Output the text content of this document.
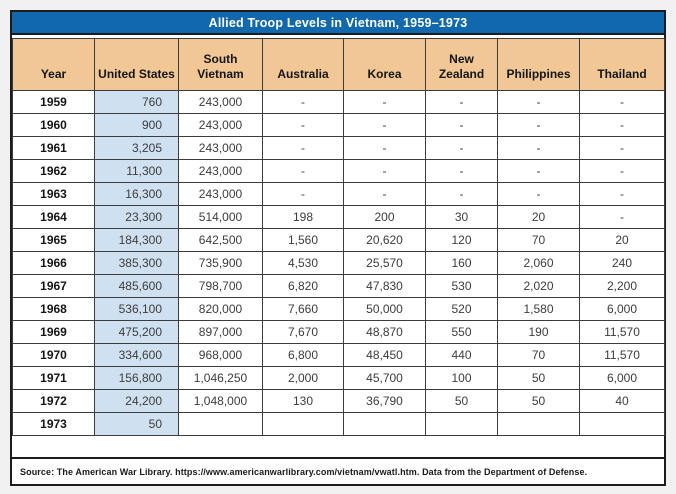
Allied Troop Levels in Vietnam, 1959–1973
Year	United States	South Vietnam	Australia	Korea	New Zealand	Philippines	Thailand
1959	760	243,000	-	-	-	-	-
1960	900	243,000	-	-	-	-	-
1961	3,205	243,000	-	-	-	-	-
1962	11,300	243,000	-	-	-	-	-
1963	16,300	243,000	-	-	-	-	-
1964	23,300	514,000	198	200	30	20	-
1965	184,300	642,500	1,560	20,620	120	70	20
1966	385,300	735,900	4,530	25,570	160	2,060	240
1967	485,600	798,700	6,820	47,830	530	2,020	2,200
1968	536,100	820,000	7,660	50,000	520	1,580	6,000
1969	475,200	897,000	7,670	48,870	550	190	11,570
1970	334,600	968,000	6,800	48,450	440	70	11,570
1971	156,800	1,046,250	2,000	45,700	100	50	6,000
1972	24,200	1,048,000	130	36,790	50	50	40
1973	50						
Source: The American War Library. https://www.americanwarlibrary.com/vietnam/vwatl.htm. Data from the Department of Defense.
